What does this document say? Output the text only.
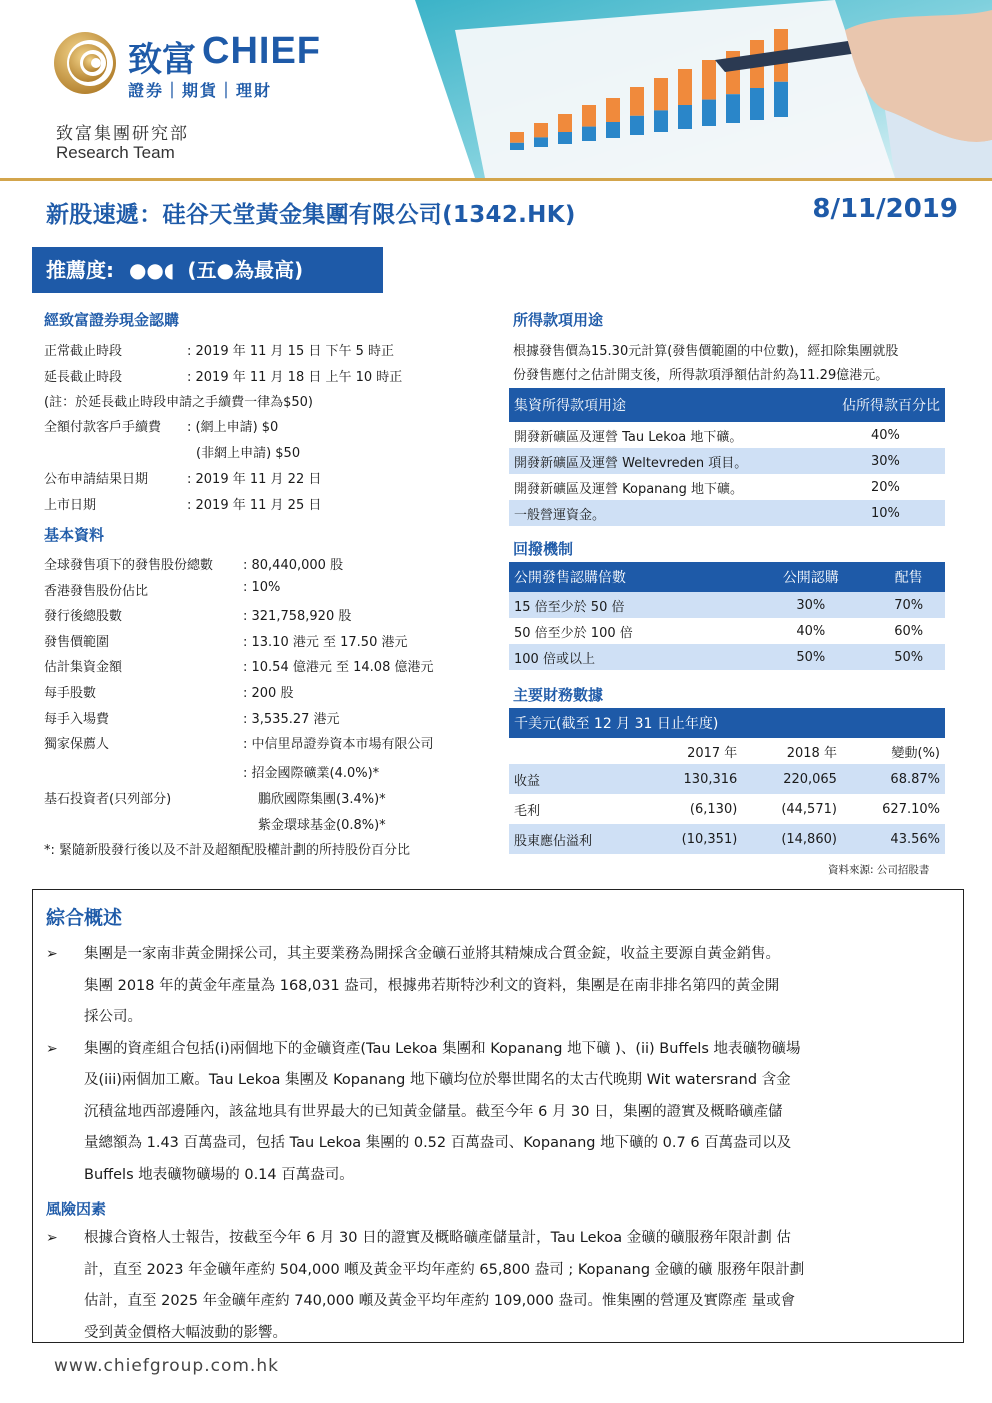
致富 CHIEF
證券｜期貨｜理財
致富集團研究部
Research Team
新股速遞：硅谷天堂黃金集團有限公司(1342.HK)	8/11/2019
推薦度: ●●◖ (五●為最高)
經致富證券現金認購
正常截止時段	: 2019 年 11 月 15 日 下午 5 時正
延長截止時段	: 2019 年 11 月 18 日 上午 10 時正
(註：於延長截止時段申請之手續費一律為$50)
全額付款客戶手續費 : (網上申請) $0
(非網上申請) $50
公布申請結果日期	: 2019 年 11 月 22 日
上市日期	: 2019 年 11 月 25 日
基本資料
全球發售項下的發售股份總數 : 80,440,000 股
香港發售股份佔比	: 10%
發行後總股數	: 321,758,920 股
發售價範圍	: 13.10 港元 至 17.50 港元
估計集資金額	: 10.54 億港元 至 14.08 億港元
每手股數	: 200 股
每手入場費	: 3,535.27 港元
獨家保薦人	: 中信里昂證券資本市場有限公司
基石投資者(只列部分)
: 招金國際礦業(4.0%)*
鵬欣國際集團(3.4%)*
紫金環球基金(0.8%)*
*: 緊隨新股發行後以及不計及超額配股權計劃的所持股份百分比
所得款項用途
根據發售價為15.30元計算(發售價範圍的中位數)，經扣除集團就股
份發售應付之估計開支後，所得款項淨額估計約為11.29億港元。
集資所得款項用途	佔所得款百分比
開發新礦區及運營 Tau Lekoa 地下礦。	40%
開發新礦區及運營 Weltevreden 項目。	30%
開發新礦區及運營 Kopanang 地下礦。	20%
一般營運資金。	10%
回撥機制
公開發售認購倍數	公開認購	配售
15 倍至少於 50 倍	30%	70%
50 倍至少於 100 倍	40%	60%
100 倍或以上	50%	50%
主要財務數據
千美元(截至 12 月 31 日止年度)			
	2017 年	2018 年	變動(%)
收益	130,316	220,065	68.87%
毛利	(6,130)	(44,571)	627.10%
股東應佔溢利	(10,351)	(14,860)	43.56%
資料來源: 公司招股書
綜合概述
➢ 集團是一家南非黃金開採公司，其主要業務為開採含金礦石並將其精煉成合質金錠，收益主要源自黃金銷售。
集團 2018 年的黃金年產量為 168,031 盎司，根據弗若斯特沙利文的資料，集團是在南非排名第四的黃金開
採公司。
➢ 集團的資產組合包括(i)兩個地下的金礦資產(Tau Lekoa 集團和 Kopanang 地下礦 )、(ii) Buffels 地表礦物礦場
及(iii)兩個加工廠。Tau Lekoa 集團及 Kopanang 地下礦均位於舉世聞名的太古代晚期 Wit watersrand 含金
沉積盆地西部邊陲內，該盆地具有世界最大的已知黃金儲量。截至今年 6 月 30 日，集團的證實及概略礦產儲
量總額為 1.43 百萬盎司，包括 Tau Lekoa 集團的 0.52 百萬盎司、Kopanang 地下礦的 0.7 6 百萬盎司以及
Buffels 地表礦物礦場的 0.14 百萬盎司。
風險因素
➢ 根據合資格人士報告，按截至今年 6 月 30 日的證實及概略礦產儲量計，Tau Lekoa 金礦的礦服務年限計劃 估
計，直至 2023 年金礦年產約 504,000 噸及黃金平均年產約 65,800 盎司 ; Kopanang 金礦的礦 服務年限計劃
估計，直至 2025 年金礦年產約 740,000 噸及黃金平均年產約 109,000 盎司。惟集團的營運及實際產 量或會
受到黃金價格大幅波動的影響。
www.chiefgroup.com.hk
